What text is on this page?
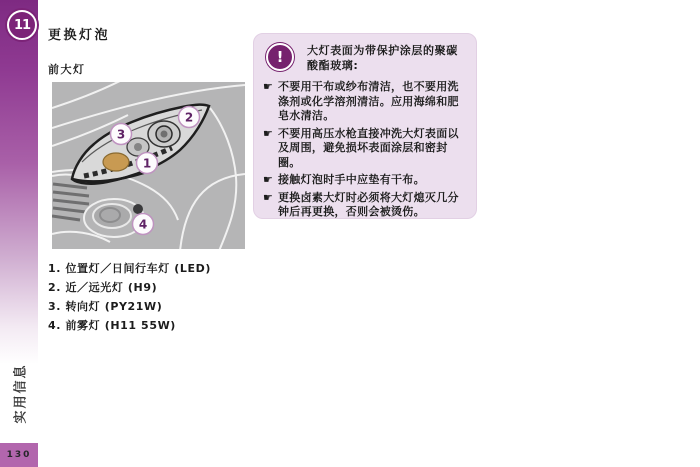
11
实用信息
130
更换灯泡
前大灯
1
2
3
4
1. 位置灯／日间行车灯 (LED)
2. 近／远光灯 (H9)
3. 转向灯 (PY21W)
4. 前雾灯 (H11 55W)
! 大灯表面为带保护涂层的聚碳酸酯玻璃:
☛ 不要用干布或纱布清洁，也不要用洗涤剂或化学溶剂清洁。应用海绵和肥皂水清洁。
☛ 不要用高压水枪直接冲洗大灯表面以及周围，避免损坏表面涂层和密封圈。
☛ 接触灯泡时手中应垫有干布。
☛ 更换卤素大灯时必须将大灯熄灭几分钟后再更换，否则会被烫伤。
